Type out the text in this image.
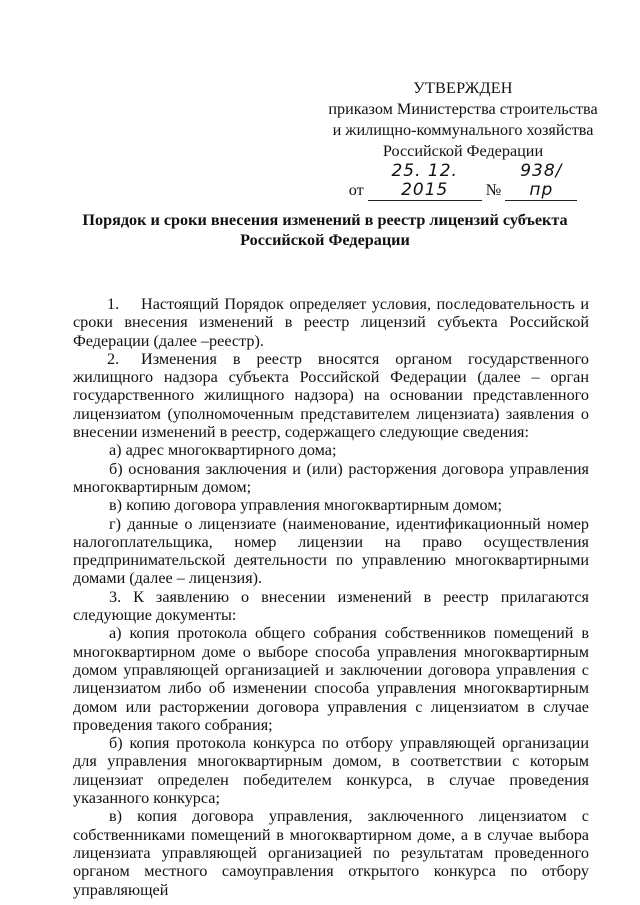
УТВЕРЖДЕН
приказом Министерства строительства
и жилищно-коммунального хозяйства
Российской Федерации
от 25. 12. 2015 № 938/пр
Порядок и сроки внесения изменений в реестр лицензий субъекта
Российской Федерации

1. Настоящий Порядок определяет условия, последовательность и сроки внесения изменений в реестр лицензий субъекта Российской Федерации (далее –реестр).

2. Изменения в реестр вносятся органом государственного жилищного надзора субъекта Российской Федерации (далее – орган государственного жилищного надзора) на основании представленного лицензиатом (уполномоченным представителем лицензиата) заявления о внесении изменений в реестр, содержащего следующие сведения:

а) адрес многоквартирного дома;

б) основания заключения и (или) расторжения договора управления многоквартирным домом;

в) копию договора управления многоквартирным домом;

г) данные о лицензиате (наименование, идентификационный номер налогоплательщика, номер лицензии на право осуществления предпринимательской деятельности по управлению многоквартирными домами (далее – лицензия).

3. К заявлению о внесении изменений в реестр прилагаются следующие документы:

а) копия протокола общего собрания собственников помещений в многоквартирном доме о выборе способа управления многоквартирным домом управляющей организацией и заключении договора управления с лицензиатом либо об изменении способа управления многоквартирным домом или расторжении договора управления с лицензиатом в случае проведения такого собрания;

б) копия протокола конкурса по отбору управляющей организации для управления многоквартирным домом, в соответствии с которым лицензиат определен победителем конкурса, в случае проведения указанного конкурса;

в) копия договора управления, заключенного лицензиатом с собственниками помещений в многоквартирном доме, а в случае выбора лицензиата управляющей организацией по результатам проведенного органом местного самоуправления открытого конкурса по отбору управляющей
